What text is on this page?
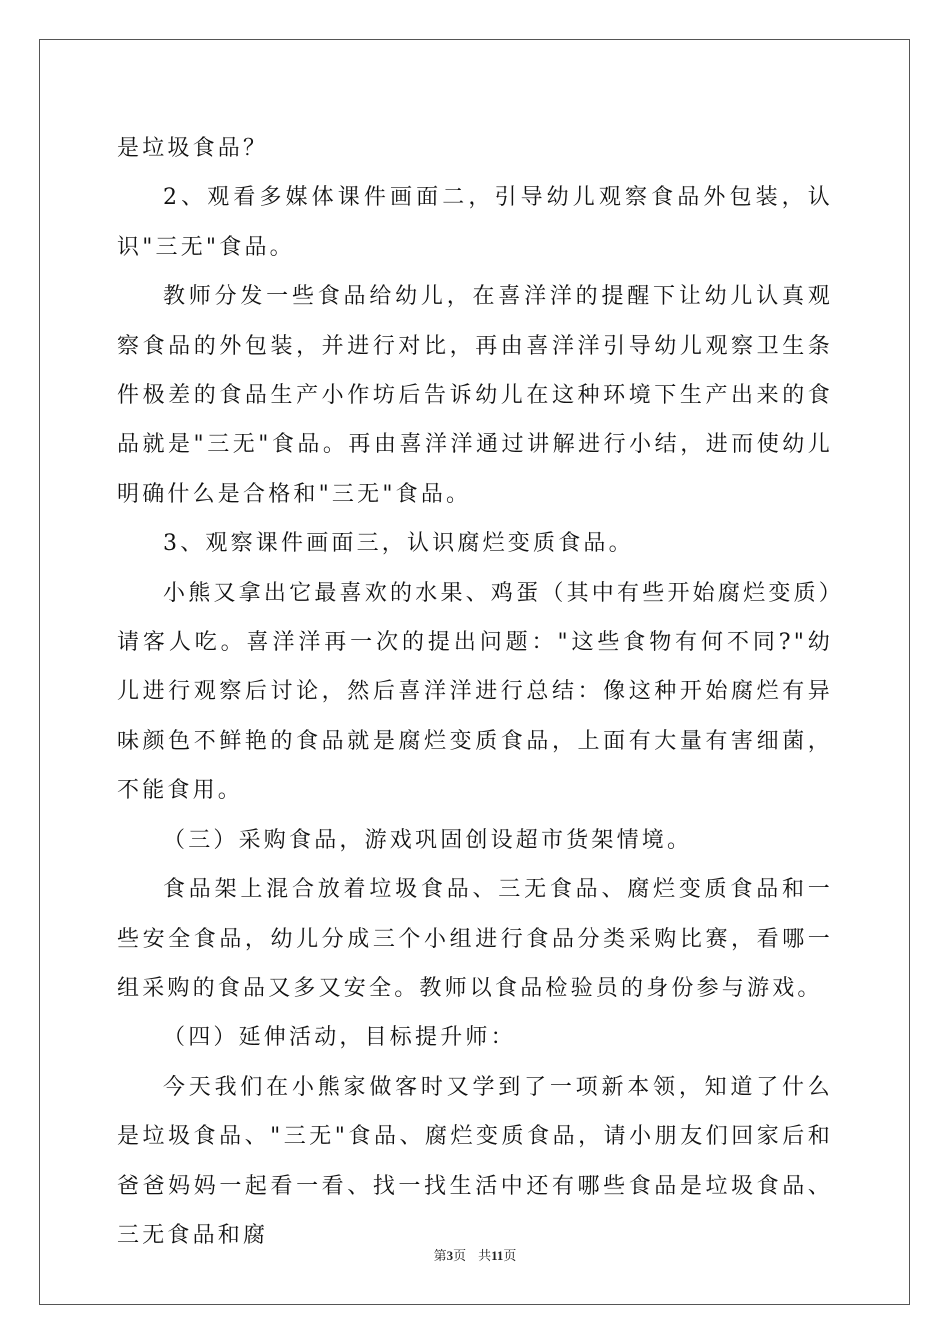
是垃圾食品？

2、观看多媒体课件画面二，引导幼儿观察食品外包装，认识"三无"食品。

教师分发一些食品给幼儿，在喜洋洋的提醒下让幼儿认真观察食品的外包装，并进行对比，再由喜洋洋引导幼儿观察卫生条件极差的食品生产小作坊后告诉幼儿在这种环境下生产出来的食品就是"三无"食品。再由喜洋洋通过讲解进行小结，进而使幼儿明确什么是合格和"三无"食品。

3、观察课件画面三，认识腐烂变质食品。

小熊又拿出它最喜欢的水果、鸡蛋（其中有些开始腐烂变质）请客人吃。喜洋洋再一次的提出问题："这些食物有何不同?"幼儿进行观察后讨论，然后喜洋洋进行总结：像这种开始腐烂有异味颜色不鲜艳的食品就是腐烂变质食品，上面有大量有害细菌，不能食用。

（三）采购食品，游戏巩固创设超市货架情境。

食品架上混合放着垃圾食品、三无食品、腐烂变质食品和一些安全食品，幼儿分成三个小组进行食品分类采购比赛，看哪一组采购的食品又多又安全。教师以食品检验员的身份参与游戏。

（四）延伸活动，目标提升师：

今天我们在小熊家做客时又学到了一项新本领，知道了什么是垃圾食品、"三无"食品、腐烂变质食品，请小朋友们回家后和爸爸妈妈一起看一看、找一找生活中还有哪些食品是垃圾食品、三无食品和腐

第3页 共11页
